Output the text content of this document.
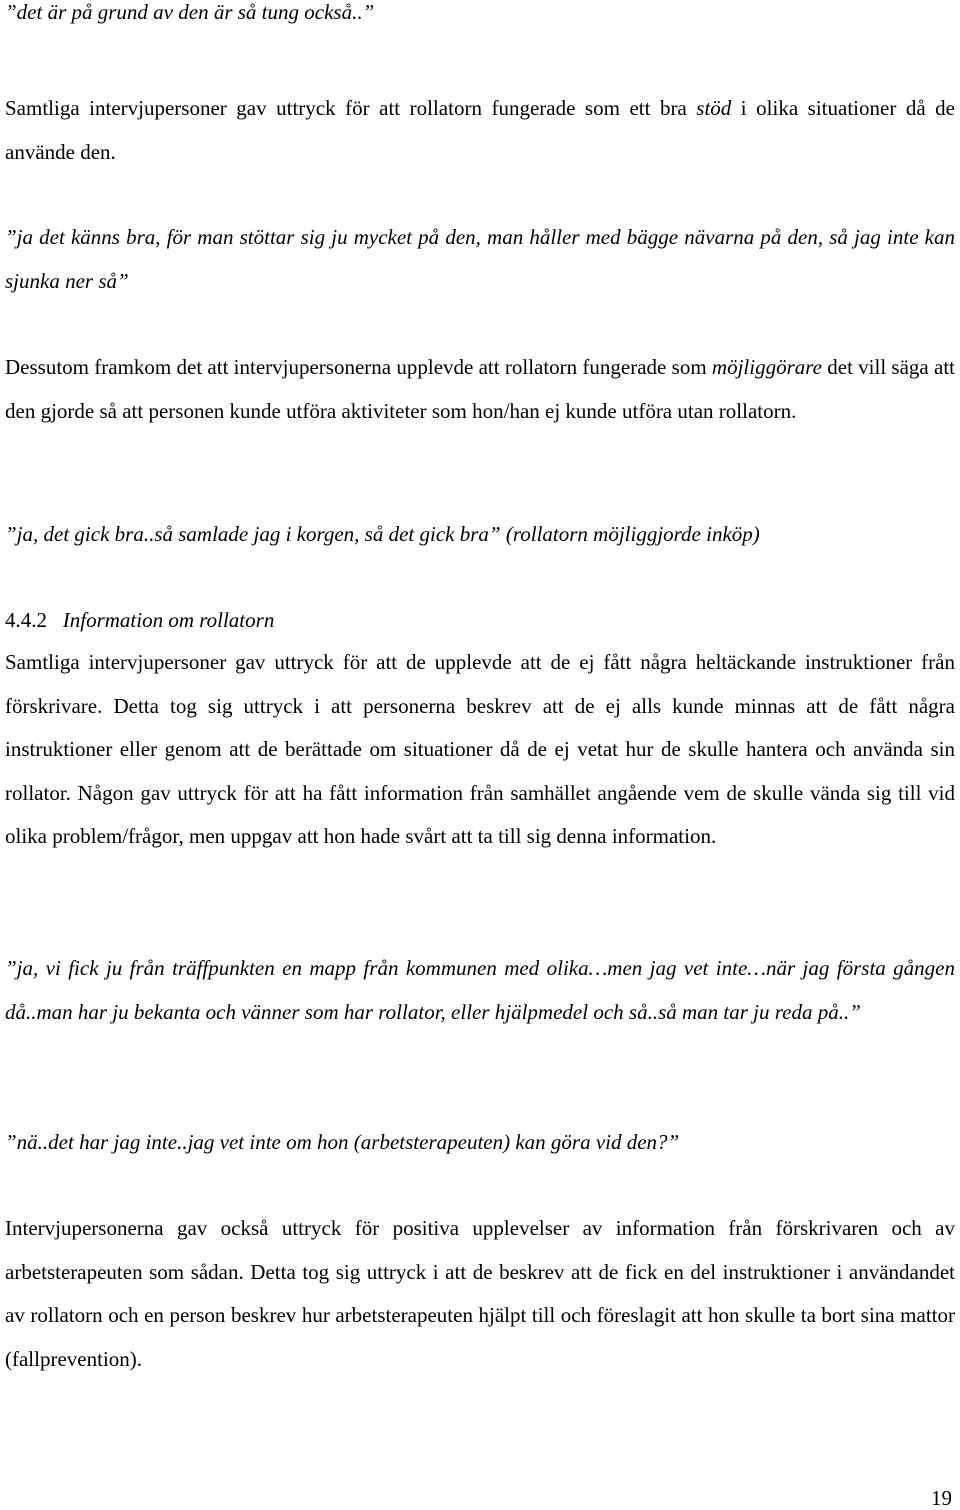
”det är på grund av den är så tung också..”

Samtliga intervjupersoner gav uttryck för att rollatorn fungerade som ett bra stöd i olika situationer då de använde den.

”ja det känns bra, för man stöttar sig ju mycket på den, man håller med bägge nävarna på den, så jag inte kan sjunka ner så”

Dessutom framkom det att intervjupersonerna upplevde att rollatorn fungerade som möjliggörare det vill säga att den gjorde så att personen kunde utföra aktiviteter som hon/han ej kunde utföra utan rollatorn.

”ja, det gick bra..så samlade jag i korgen, så det gick bra” (rollatorn möjliggjorde inköp)

4.4.2 Information om rollatorn

Samtliga intervjupersoner gav uttryck för att de upplevde att de ej fått några heltäckande instruktioner från förskrivare. Detta tog sig uttryck i att personerna beskrev att de ej alls kunde minnas att de fått några instruktioner eller genom att de berättade om situationer då de ej vetat hur de skulle hantera och använda sin rollator. Någon gav uttryck för att ha fått information från samhället angående vem de skulle vända sig till vid olika problem/frågor, men uppgav att hon hade svårt att ta till sig denna information.

”ja, vi fick ju från träffpunkten en mapp från kommunen med olika…men jag vet inte…när jag första gången då..man har ju bekanta och vänner som har rollator, eller hjälpmedel och så..så man tar ju reda på..”

”nä..det har jag inte..jag vet inte om hon (arbetsterapeuten) kan göra vid den?”

Intervjupersonerna gav också uttryck för positiva upplevelser av information från förskrivaren och av arbetsterapeuten som sådan. Detta tog sig uttryck i att de beskrev att de fick en del instruktioner i användandet av rollatorn och en person beskrev hur arbetsterapeuten hjälpt till och föreslagit att hon skulle ta bort sina mattor (fallprevention).

19
